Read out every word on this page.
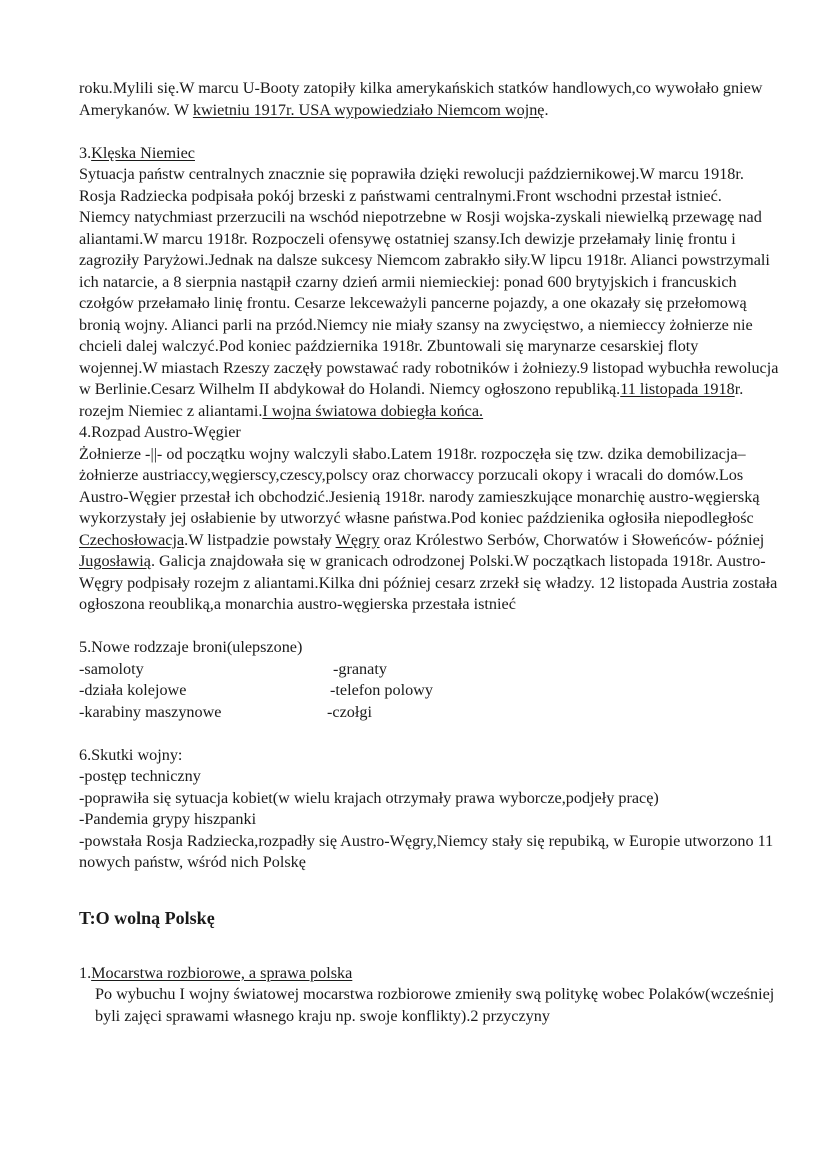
roku.Mylili się.W marcu U-Booty zatopiły kilka amerykańskich statków handlowych,co wywołało gniew Amerykanów. W kwietniu 1917r. USA wypowiedziało Niemcom wojnę.

3.Klęska Niemiec

Sytuacja państw centralnych znacznie się poprawiła dzięki rewolucji październikowej.W marcu 1918r. Rosja Radziecka podpisała pokój brzeski z państwami centralnymi.Front wschodni przestał istnieć.

Niemcy natychmiast przerzucili na wschód niepotrzebne w Rosji wojska-zyskali niewielką przewagę nad aliantami.W marcu 1918r. Rozpoczeli ofensywę ostatniej szansy.Ich dewizje przełamały linię frontu i zagroziły Paryżowi.Jednak na dalsze sukcesy Niemcom zabrakło siły.W lipcu 1918r. Alianci powstrzymali ich natarcie, a 8 sierpnia nastąpił czarny dzień armii niemieckiej: ponad 600 brytyjskich i francuskich czołgów przełamało linię frontu. Cesarze lekceważyli pancerne pojazdy, a one okazały się przełomową bronią wojny. Alianci parli na przód.Niemcy nie miały szansy na zwycięstwo, a niemieccy żołnierze nie chcieli dalej walczyć.Pod koniec października 1918r. Zbuntowali się marynarze cesarskiej floty wojennej.W miastach Rzeszy zaczęły powstawać rady robotników i żołniezy.9 listopad wybuchła rewolucja w Berlinie.Cesarz Wilhelm II abdykował do Holandi. Niemcy ogłoszono republiką.11 listopada 1918r. rozejm Niemiec z aliantami.I wojna światowa dobiegła końca.

4.Rozpad Austro-Węgier

Żołnierze -||- od początku wojny walczyli słabo.Latem 1918r. rozpoczęła się tzw. dzika demobilizacja– żołnierze austriaccy,węgierscy,czescy,polscy oraz chorwaccy porzucali okopy i wracali do domów.Los Austro-Węgier przestał ich obchodzić.Jesienią 1918r. narody zamieszkujące monarchię austro-węgierską wykorzystały jej osłabienie by utworzyć własne państwa.Pod koniec paździenika ogłosiła niepodległośc Czechosłowacja.W listpadzie powstały Węgry oraz Królestwo Serbów, Chorwatów i Słoweńców- później Jugosławią. Galicja znajdowała się w granicach odrodzonej Polski.W początkach listopada 1918r. Austro-Węgry podpisały rozejm z aliantami.Kilka dni później cesarz zrzekł się władzy. 12 listopada Austria została ogłoszona reoubliką,a monarchia austro-węgierska przestała istnieć

5.Nowe rodzzaje broni(ulepszone)

-samoloty	-granaty
-działa kolejowe	-telefon polowy
-karabiny maszynowe	-czołgi

6.Skutki wojny:

-postęp techniczny

-poprawiła się sytuacja kobiet(w wielu krajach otrzymały prawa wyborcze,podjeły pracę)

-Pandemia grypy hiszpanki

-powstała Rosja Radziecka,rozpadły się Austro-Węgry,Niemcy stały się repubiką, w Europie utworzono 11 nowych państw, wśród nich Polskę

T:O wolną Polskę

1.Mocarstwa rozbiorowe, a sprawa polska

Po wybuchu I wojny światowej mocarstwa rozbiorowe zmieniły swą politykę wobec Polaków(wcześniej byli zajęci sprawami własnego kraju np. swoje konflikty).2 przyczyny
